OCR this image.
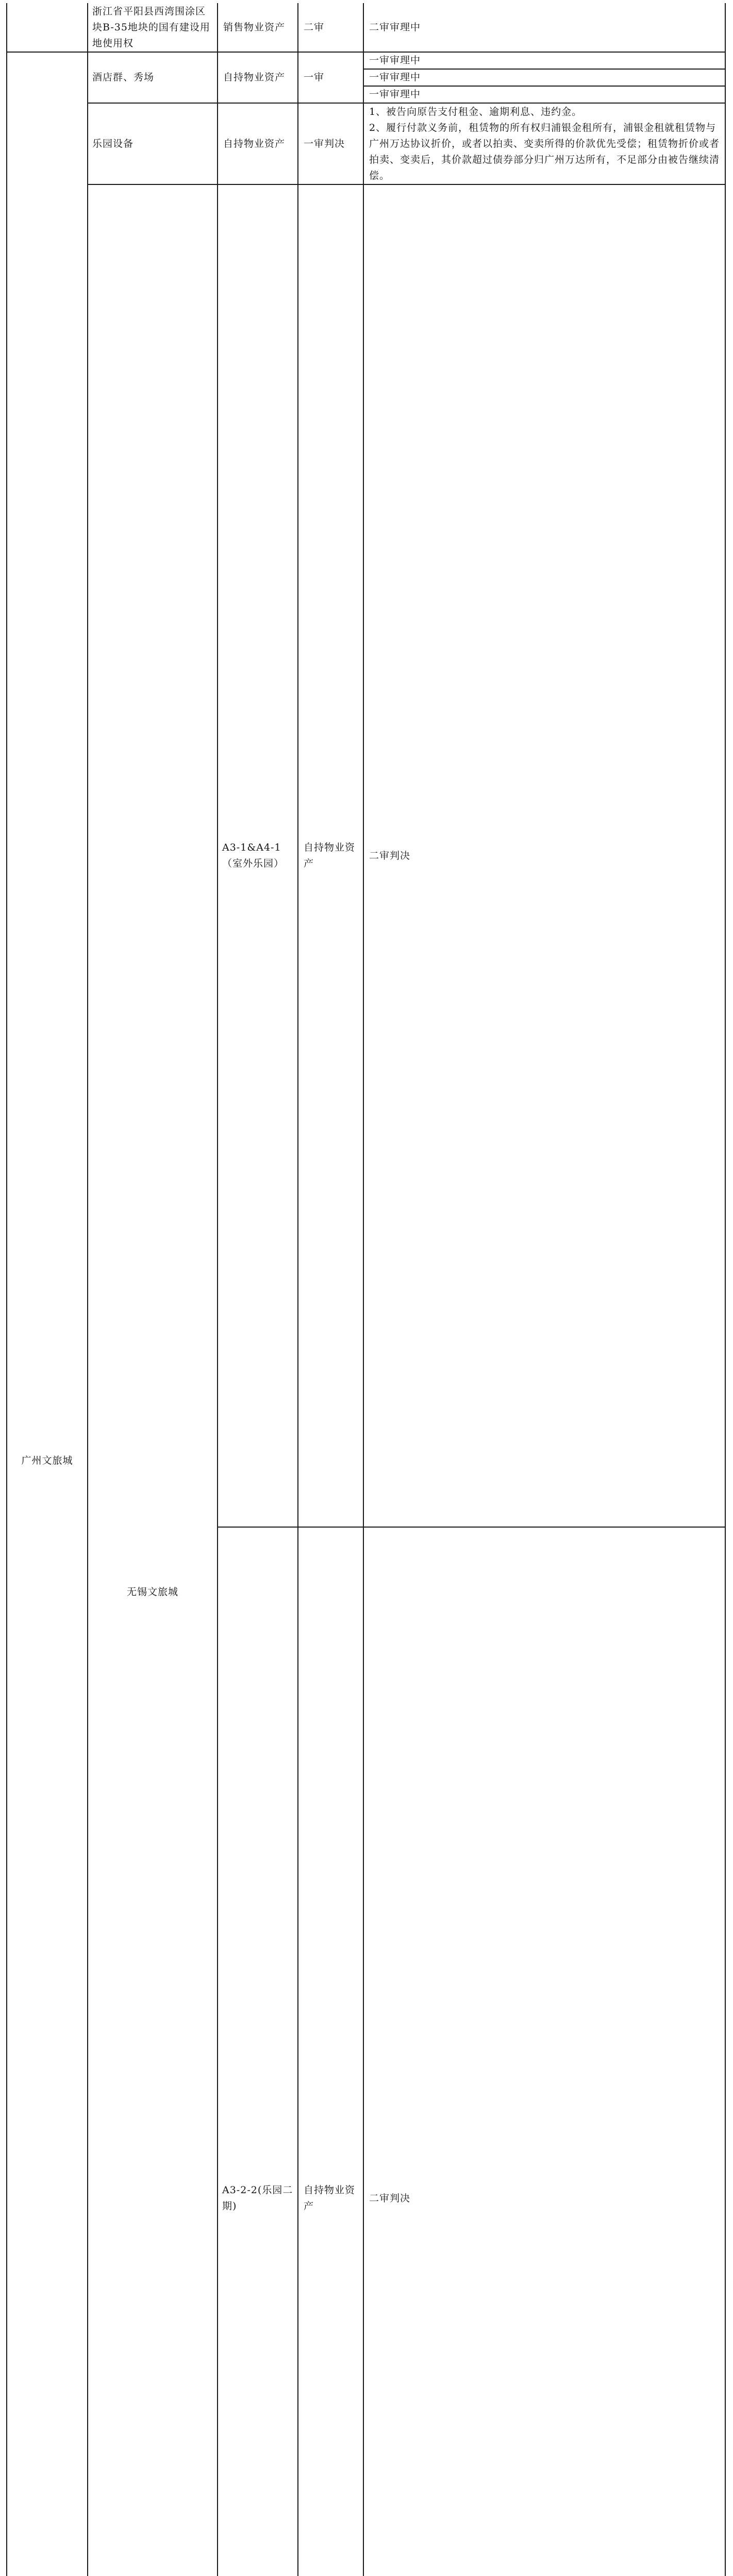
	浙江省平阳县西湾围涂区块B-35地块的国有建设用地使用权	销售物业资产	二审	二审审理中	
广州文旅城	酒店群、秀场	自持物业资产	一审	一审审理中	
				一审审理中	
				一审审理中	
	乐园设备	自持物业资产	一审判决	1、被告向原告支付租金、逾期利息、违约金。
2、履行付款义务前，租赁物的所有权归浦银金租所有，浦银金租就租赁物与广州万达协议折价，或者以拍卖、变卖所得的价款优先受偿；租赁物折价或者拍卖、变卖后，其价款超过债券部分归广州万达所有，不足部分由被告继续清偿。	

	无锡文旅城	A3-1&A4-1（室外乐园）	自持物业资产	二审判决	

		A3-2-2(乐园二期)	自持物业资产	二审判决	
